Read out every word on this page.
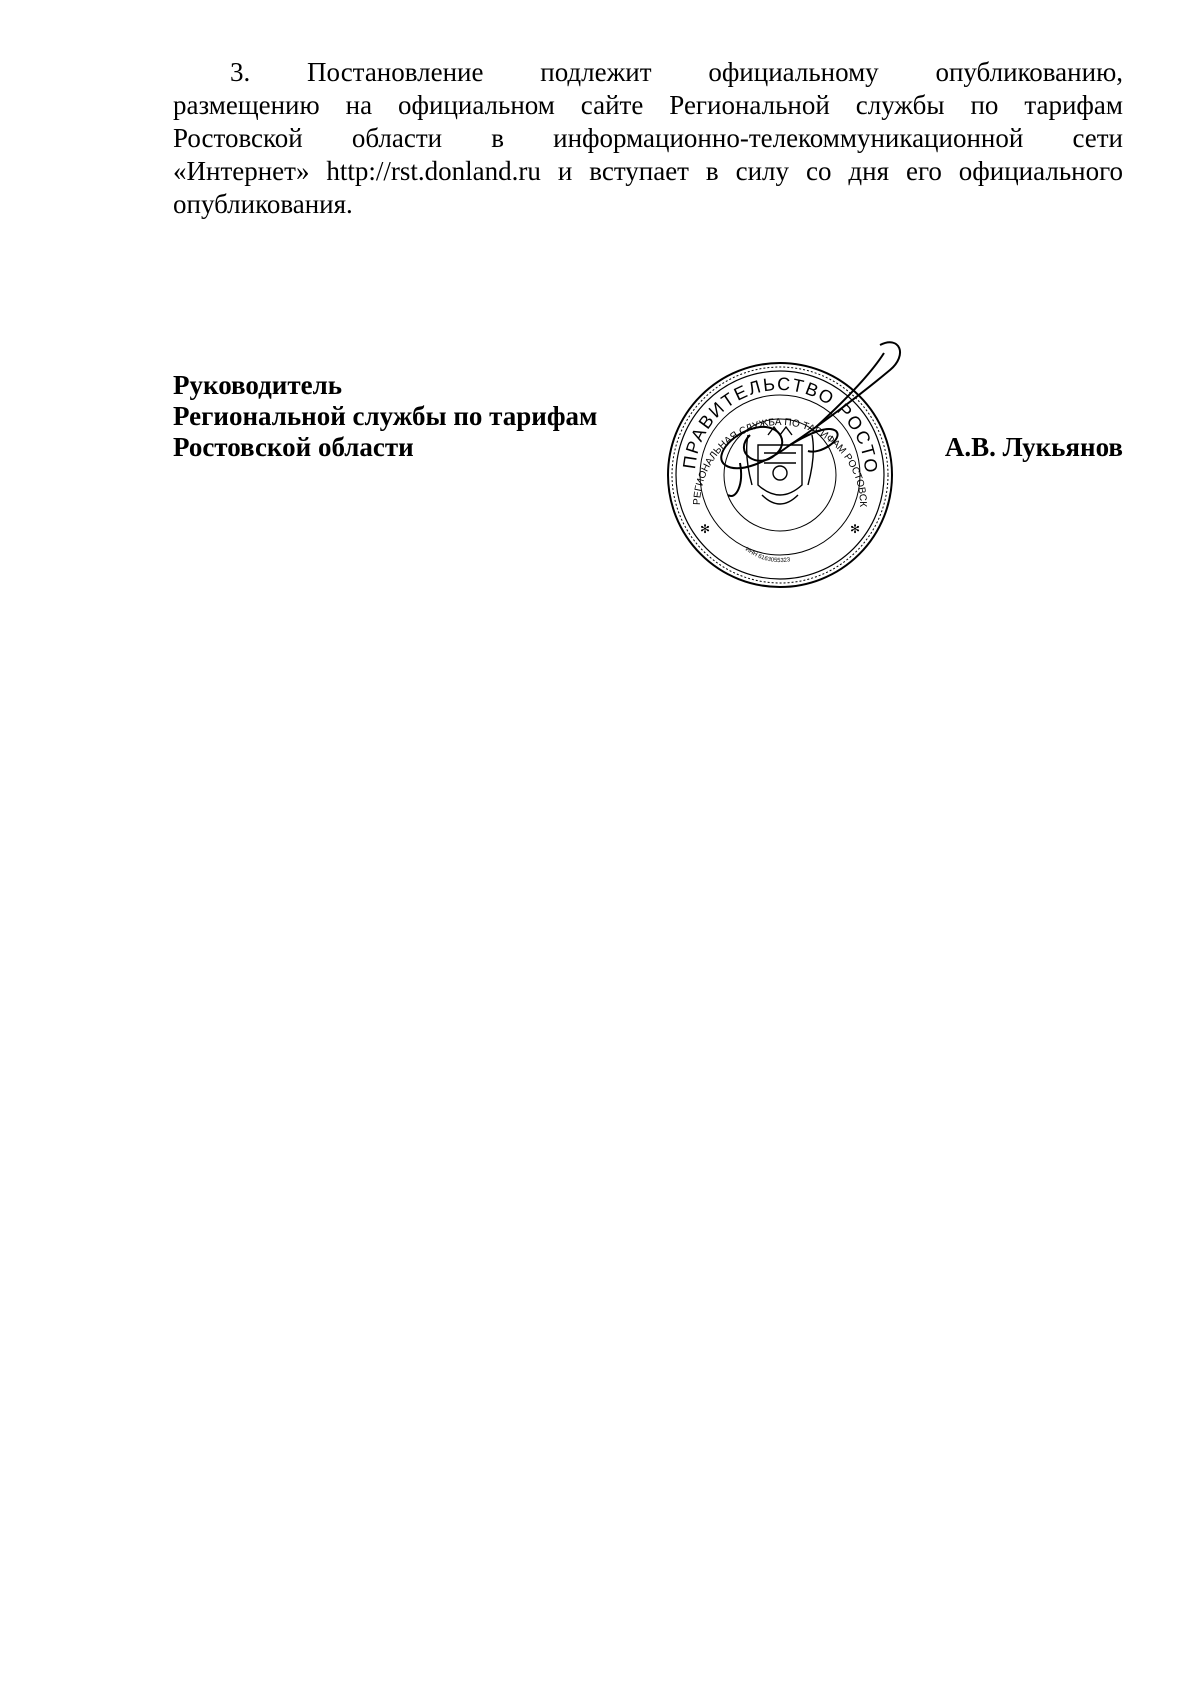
3. Постановление подлежит официальному опубликованию,
размещению на официальном сайте Региональной службы по тарифам
Ростовской области в информационно-телекоммуникационной сети
«Интернет» http://rst.donland.ru и вступает в силу со дня его официального
опубликования.
Руководитель
Региональной службы по тарифам
Ростовской области	ПРАВИТЕЛЬСТВО РОСТО
РЕГИОНАЛЬНАЯ СЛУЖБА ПО ТАРИФАМ РОСТОВСК
ИНН 6163055323
✻	✻
А.В. Лукьянов
